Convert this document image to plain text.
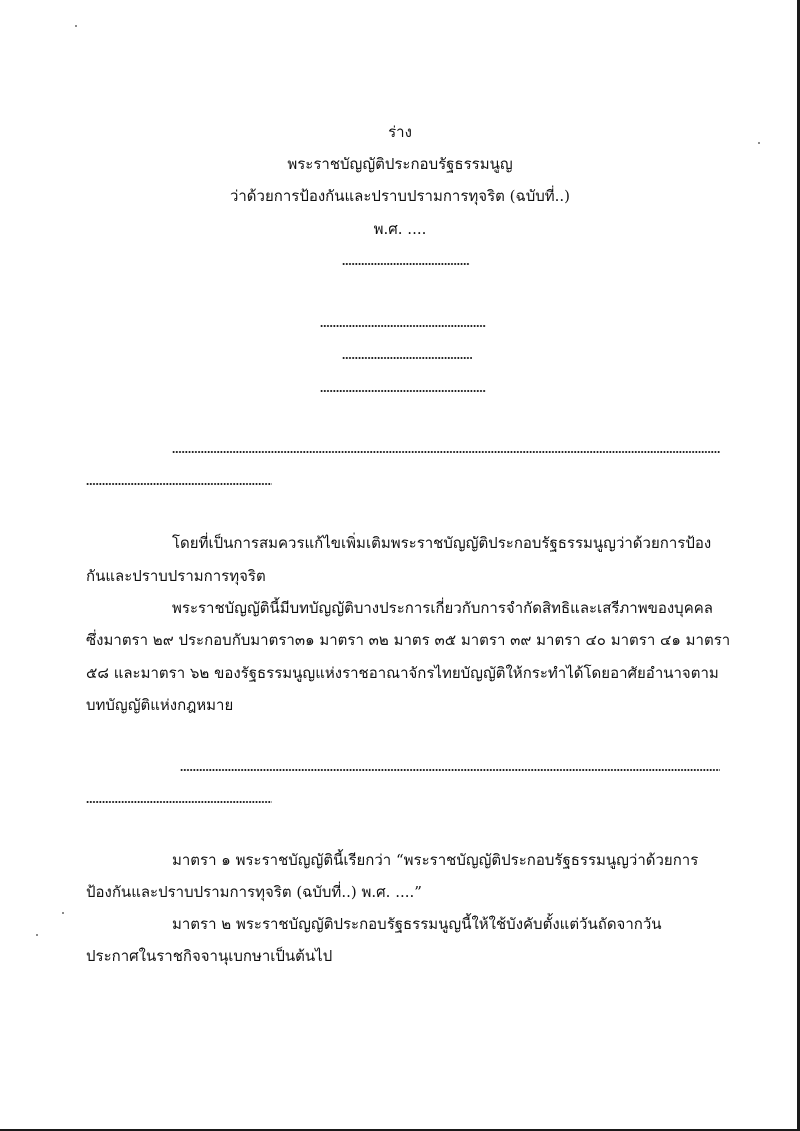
ร่าง
พระราชบัญญัติประกอบรัฐธรรมนูญ
ว่าด้วยการป้องกันและปราบปรามการทุจริต (ฉบับที่..)
พ.ศ. ....
โดยที่เป็นการสมควรแก้ไขเพิ่มเติมพระราชบัญญัติประกอบรัฐธรรมนูญว่าด้วยการป้อง
กันและปราบปรามการทุจริต
พระราชบัญญัตินี้มีบทบัญญัติบางประการเกี่ยวกับการจำกัดสิทธิและเสรีภาพของบุคคล
ซึ่งมาตรา ๒๙ ประกอบกับมาตรา๓๑ มาตรา ๓๒ มาตร ๓๕ มาตรา ๓๙ มาตรา ๔๐ มาตรา ๔๑ มาตรา
๕๘ และมาตรา ๖๒ ของรัฐธรรมนูญแห่งราชอาณาจักรไทยบัญญัติให้กระทำได้โดยอาศัยอำนาจตาม
บทบัญญัติแห่งกฎหมาย
มาตรา ๑ พระราชบัญญัตินี้เรียกว่า “พระราชบัญญัติประกอบรัฐธรรมนูญว่าด้วยการ
ป้องกันและปราบปรามการทุจริต (ฉบับที่..) พ.ศ. ....”
มาตรา ๒ พระราชบัญญัติประกอบรัฐธรรมนูญนี้ให้ใช้บังคับตั้งแต่วันถัดจากวัน
ประกาศในราชกิจจานุเบกษาเป็นต้นไป
